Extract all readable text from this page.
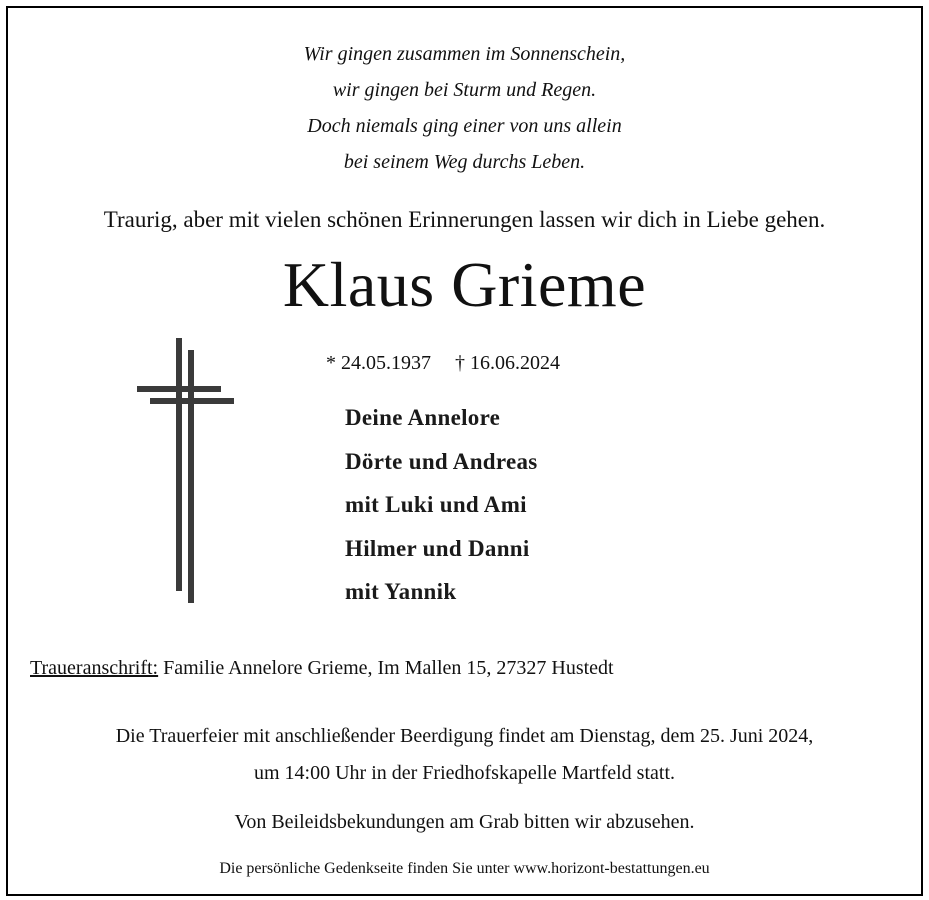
Wir gingen zusammen im Sonnenschein,
wir gingen bei Sturm und Regen.
Doch niemals ging einer von uns allein
bei seinem Weg durchs Leben.
Traurig, aber mit vielen schönen Erinnerungen lassen wir dich in Liebe gehen.
Klaus Grieme
* 24.05.1937 † 16.06.2024
Deine Annelore
Dörte und Andreas
mit Luki und Ami
Hilmer und Danni
mit Yannik
Traueranschrift: Familie Annelore Grieme, Im Mallen 15, 27327 Hustedt
Die Trauerfeier mit anschließender Beerdigung findet am Dienstag, dem 25. Juni 2024,
um 14:00 Uhr in der Friedhofskapelle Martfeld statt.
Von Beileidsbekundungen am Grab bitten wir abzusehen.
Die persönliche Gedenkseite finden Sie unter www.horizont-bestattungen.eu
